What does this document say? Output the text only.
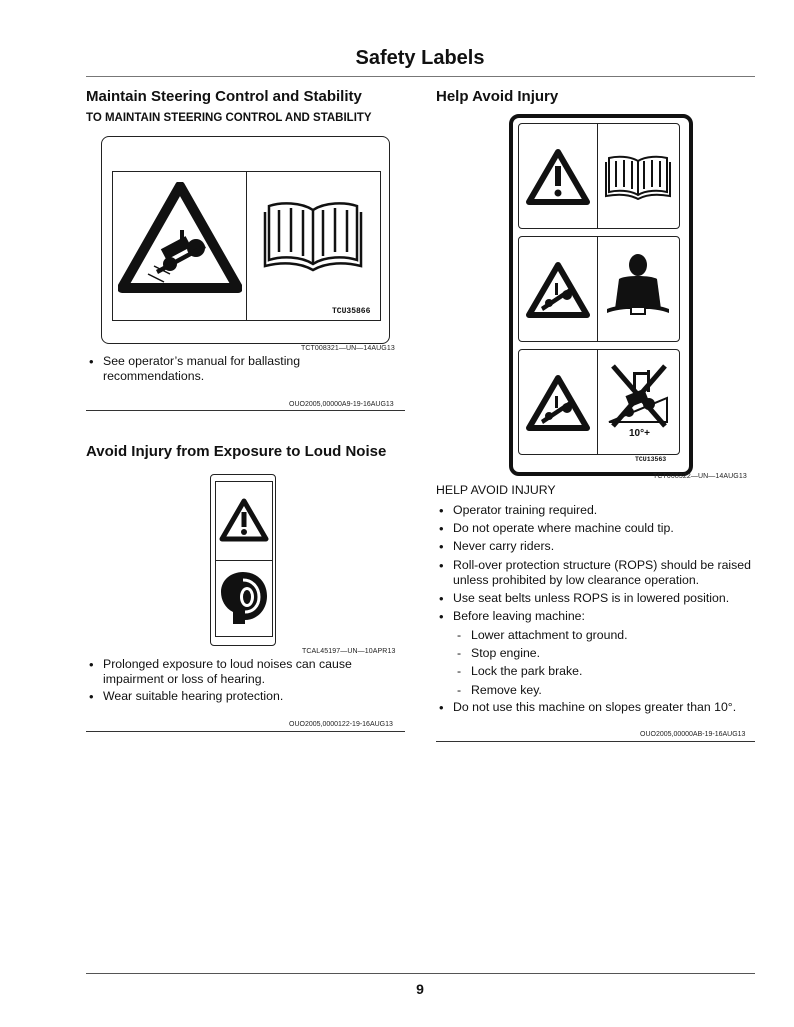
Safety Labels
Maintain Steering Control and Stability
TO MAINTAIN STEERING CONTROL AND STABILITY
TCU35866
TCT008321—UN—14AUG13
• See operator’s manual for ballasting recommendations.
OUO2005,00000A9-19-16AUG13
Avoid Injury from Exposure to Loud Noise
TCAL45197—UN—10APR13
• Prolonged exposure to loud noises can cause impairment or loss of hearing.
• Wear suitable hearing protection.
OUO2005,0000122-19-16AUG13
Help Avoid Injury
10°+
TCU13563
TCT008322—UN—14AUG13
HELP AVOID INJURY
• Operator training required.
• Do not operate where machine could tip.
• Never carry riders.
• Roll-over protection structure (ROPS) should be raised unless prohibited by low clearance operation.
• Use seat belts unless ROPS is in lowered position.
• Before leaving machine:
- Lower attachment to ground.
- Stop engine.
- Lock the park brake.
- Remove key.
• Do not use this machine on slopes greater than 10°.
OUO2005,00000AB-19-16AUG13
9
